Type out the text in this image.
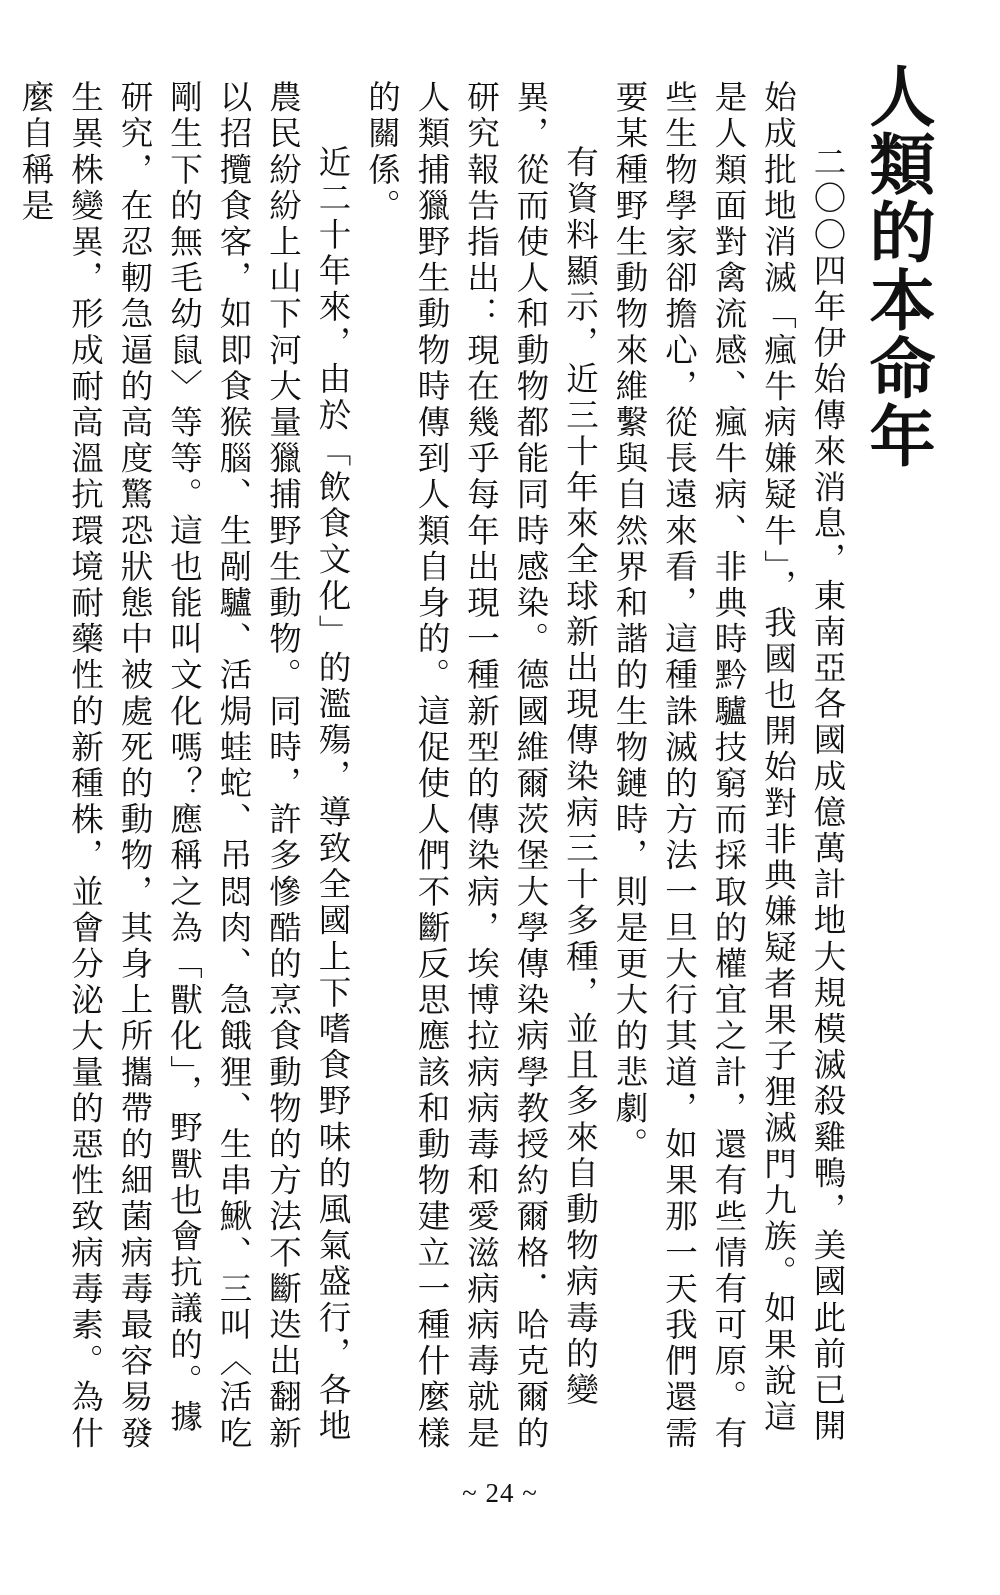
人類的本命年

二〇〇四年伊始傳來消息，東南亞各國成億萬計地大規模滅殺雞鴨，美國此前已開始成批地消滅「瘋牛病嫌疑牛」，我國也開始對非典嫌疑者果子狸滅門九族。如果說這是人類面對禽流感、瘋牛病、非典時黔驢技窮而採取的權宜之計，還有些情有可原。有些生物學家卻擔心，從長遠來看，這種誅滅的方法一旦大行其道，如果那一天我們還需要某種野生動物來維繫與自然界和諧的生物鏈時，則是更大的悲劇。

有資料顯示，近三十年來全球新出現傳染病三十多種，並且多來自動物病毒的變異，從而使人和動物都能同時感染。德國維爾茨堡大學傳染病學教授約爾格．哈克爾的研究報告指出：現在幾乎每年出現一種新型的傳染病，埃博拉病病毒和愛滋病病毒就是人類捕獵野生動物時傳到人類自身的。這促使人們不斷反思應該和動物建立一種什麼樣的關係。

近二十年來，由於「飲食文化」的濫殤，導致全國上下嗜食野味的風氣盛行，各地農民紛紛上山下河大量獵捕野生動物。同時，許多慘酷的烹食動物的方法不斷迭出翻新以招攬食客，如即食猴腦、生剮驢、活焗蛙蛇、吊悶肉、急餓狸、生串鰍、三叫〈活吃剛生下的無毛幼鼠〉等等。這也能叫文化嗎？應稱之為「獸化」，野獸也會抗議的。據研究，在忍軔急逼的高度驚恐狀態中被處死的動物，其身上所攜帶的細菌病毒最容易發生異株變異，形成耐高溫抗環境耐藥性的新種株，並會分泌大量的惡性致病毒素。為什麼自稱是

~ 24 ~
